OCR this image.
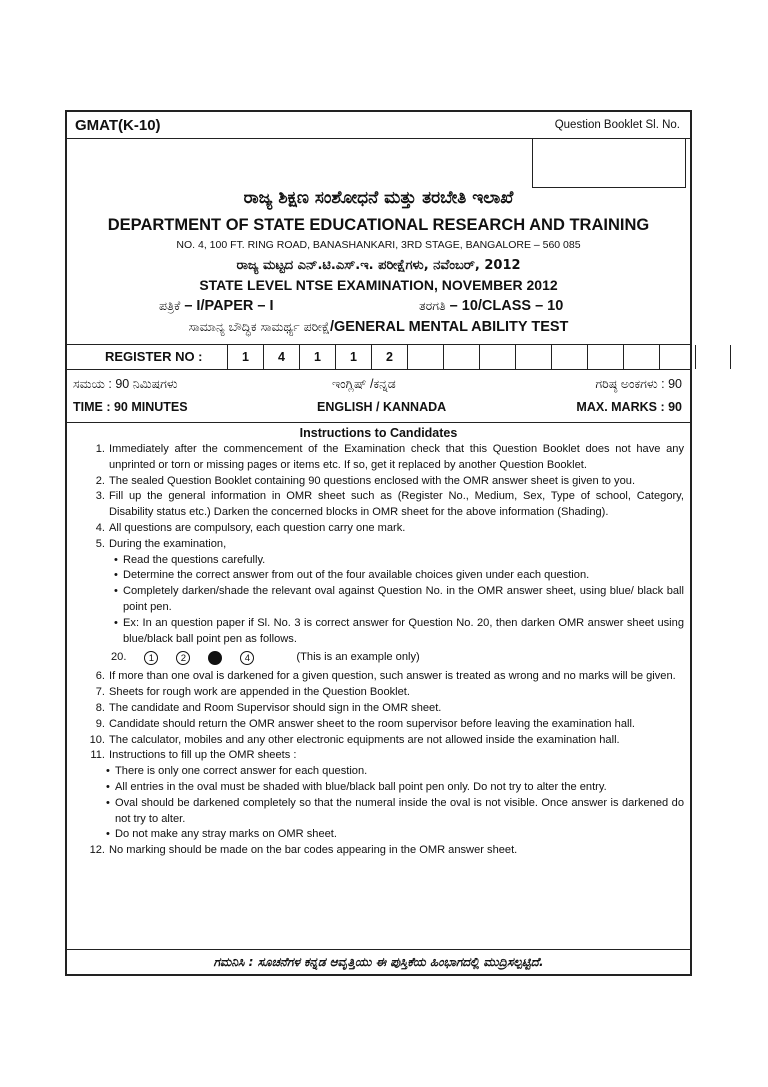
GMAT(K-10)	Question Booklet Sl. No.
ರಾಜ್ಯ ಶಿಕ್ಷಣ ಸಂಶೋಧನೆ ಮತ್ತು ತರಬೇತಿ ಇಲಾಖೆ
DEPARTMENT OF STATE EDUCATIONAL RESEARCH AND TRAINING
NO. 4, 100 FT. RING ROAD, BANASHANKARI, 3RD STAGE, BANGALORE – 560 085
ರಾಜ್ಯ ಮಟ್ಟದ ಎನ್.ಟಿ.ಎಸ್.ಇ. ಪರೀಕ್ಷೆಗಳು, ನವೆಂಬರ್, 2012
STATE LEVEL NTSE EXAMINATION, NOVEMBER 2012
ಪತ್ರಿಕೆ – I/PAPER – I	ತರಗತಿ – 10/CLASS – 10
ಸಾಮಾನ್ಯ ಬೌದ್ಧಿಕ ಸಾಮರ್ಥ್ಯ ಪರೀಕ್ಷೆ/GENERAL MENTAL ABILITY TEST
REGISTER NO :	1	4	1	1	2
ಸಮಯ : 90 ನಿಮಿಷಗಳು	ಇಂಗ್ಲಿಷ್ /ಕನ್ನಡ	ಗರಿಷ್ಠ ಅಂಕಗಳು : 90
TIME : 90 MINUTES	ENGLISH / KANNADA	MAX. MARKS : 90
Instructions to Candidates
1. Immediately after the commencement of the Examination check that this Question Booklet does not have any unprinted or torn or missing pages or items etc. If so, get it replaced by another Question Booklet.
2. The sealed Question Booklet containing 90 questions enclosed with the OMR answer sheet is given to you.
3. Fill up the general information in OMR sheet such as (Register No., Medium, Sex, Type of school, Category, Disability status etc.) Darken the concerned blocks in OMR sheet for the above information (Shading).
4. All questions are compulsory, each question carry one mark.
5. During the examination,
• Read the questions carefully.
• Determine the correct answer from out of the four available choices given under each question.
• Completely darken/shade the relevant oval against Question No. in the OMR answer sheet, using blue/ black ball point pen.
• Ex: In an question paper if Sl. No. 3 is correct answer for Question No. 20, then darken OMR answer sheet using blue/black ball point pen as follows.
20.	1	2	4	(This is an example only)
6. If more than one oval is darkened for a given question, such answer is treated as wrong and no marks will be given.
7. Sheets for rough work are appended in the Question Booklet.
8. The candidate and Room Supervisor should sign in the OMR sheet.
9. Candidate should return the OMR answer sheet to the room supervisor before leaving the examination hall.
10. The calculator, mobiles and any other electronic equipments are not allowed inside the examination hall.
11. Instructions to fill up the OMR sheets :
• There is only one correct answer for each question.
• All entries in the oval must be shaded with blue/black ball point pen only. Do not try to alter the entry.
• Oval should be darkened completely so that the numeral inside the oval is not visible. Once answer is darkened do not try to alter.
• Do not make any stray marks on OMR sheet.
12. No marking should be made on the bar codes appearing in the OMR answer sheet.
ಗಮನಿಸಿ : ಸೂಚನೆಗಳ ಕನ್ನಡ ಆವೃತ್ತಿಯು ಈ ಪುಸ್ತಿಕೆಯ ಹಿಂಭಾಗದಲ್ಲಿ ಮುದ್ರಿಸಲ್ಪಟ್ಟಿದೆ.
